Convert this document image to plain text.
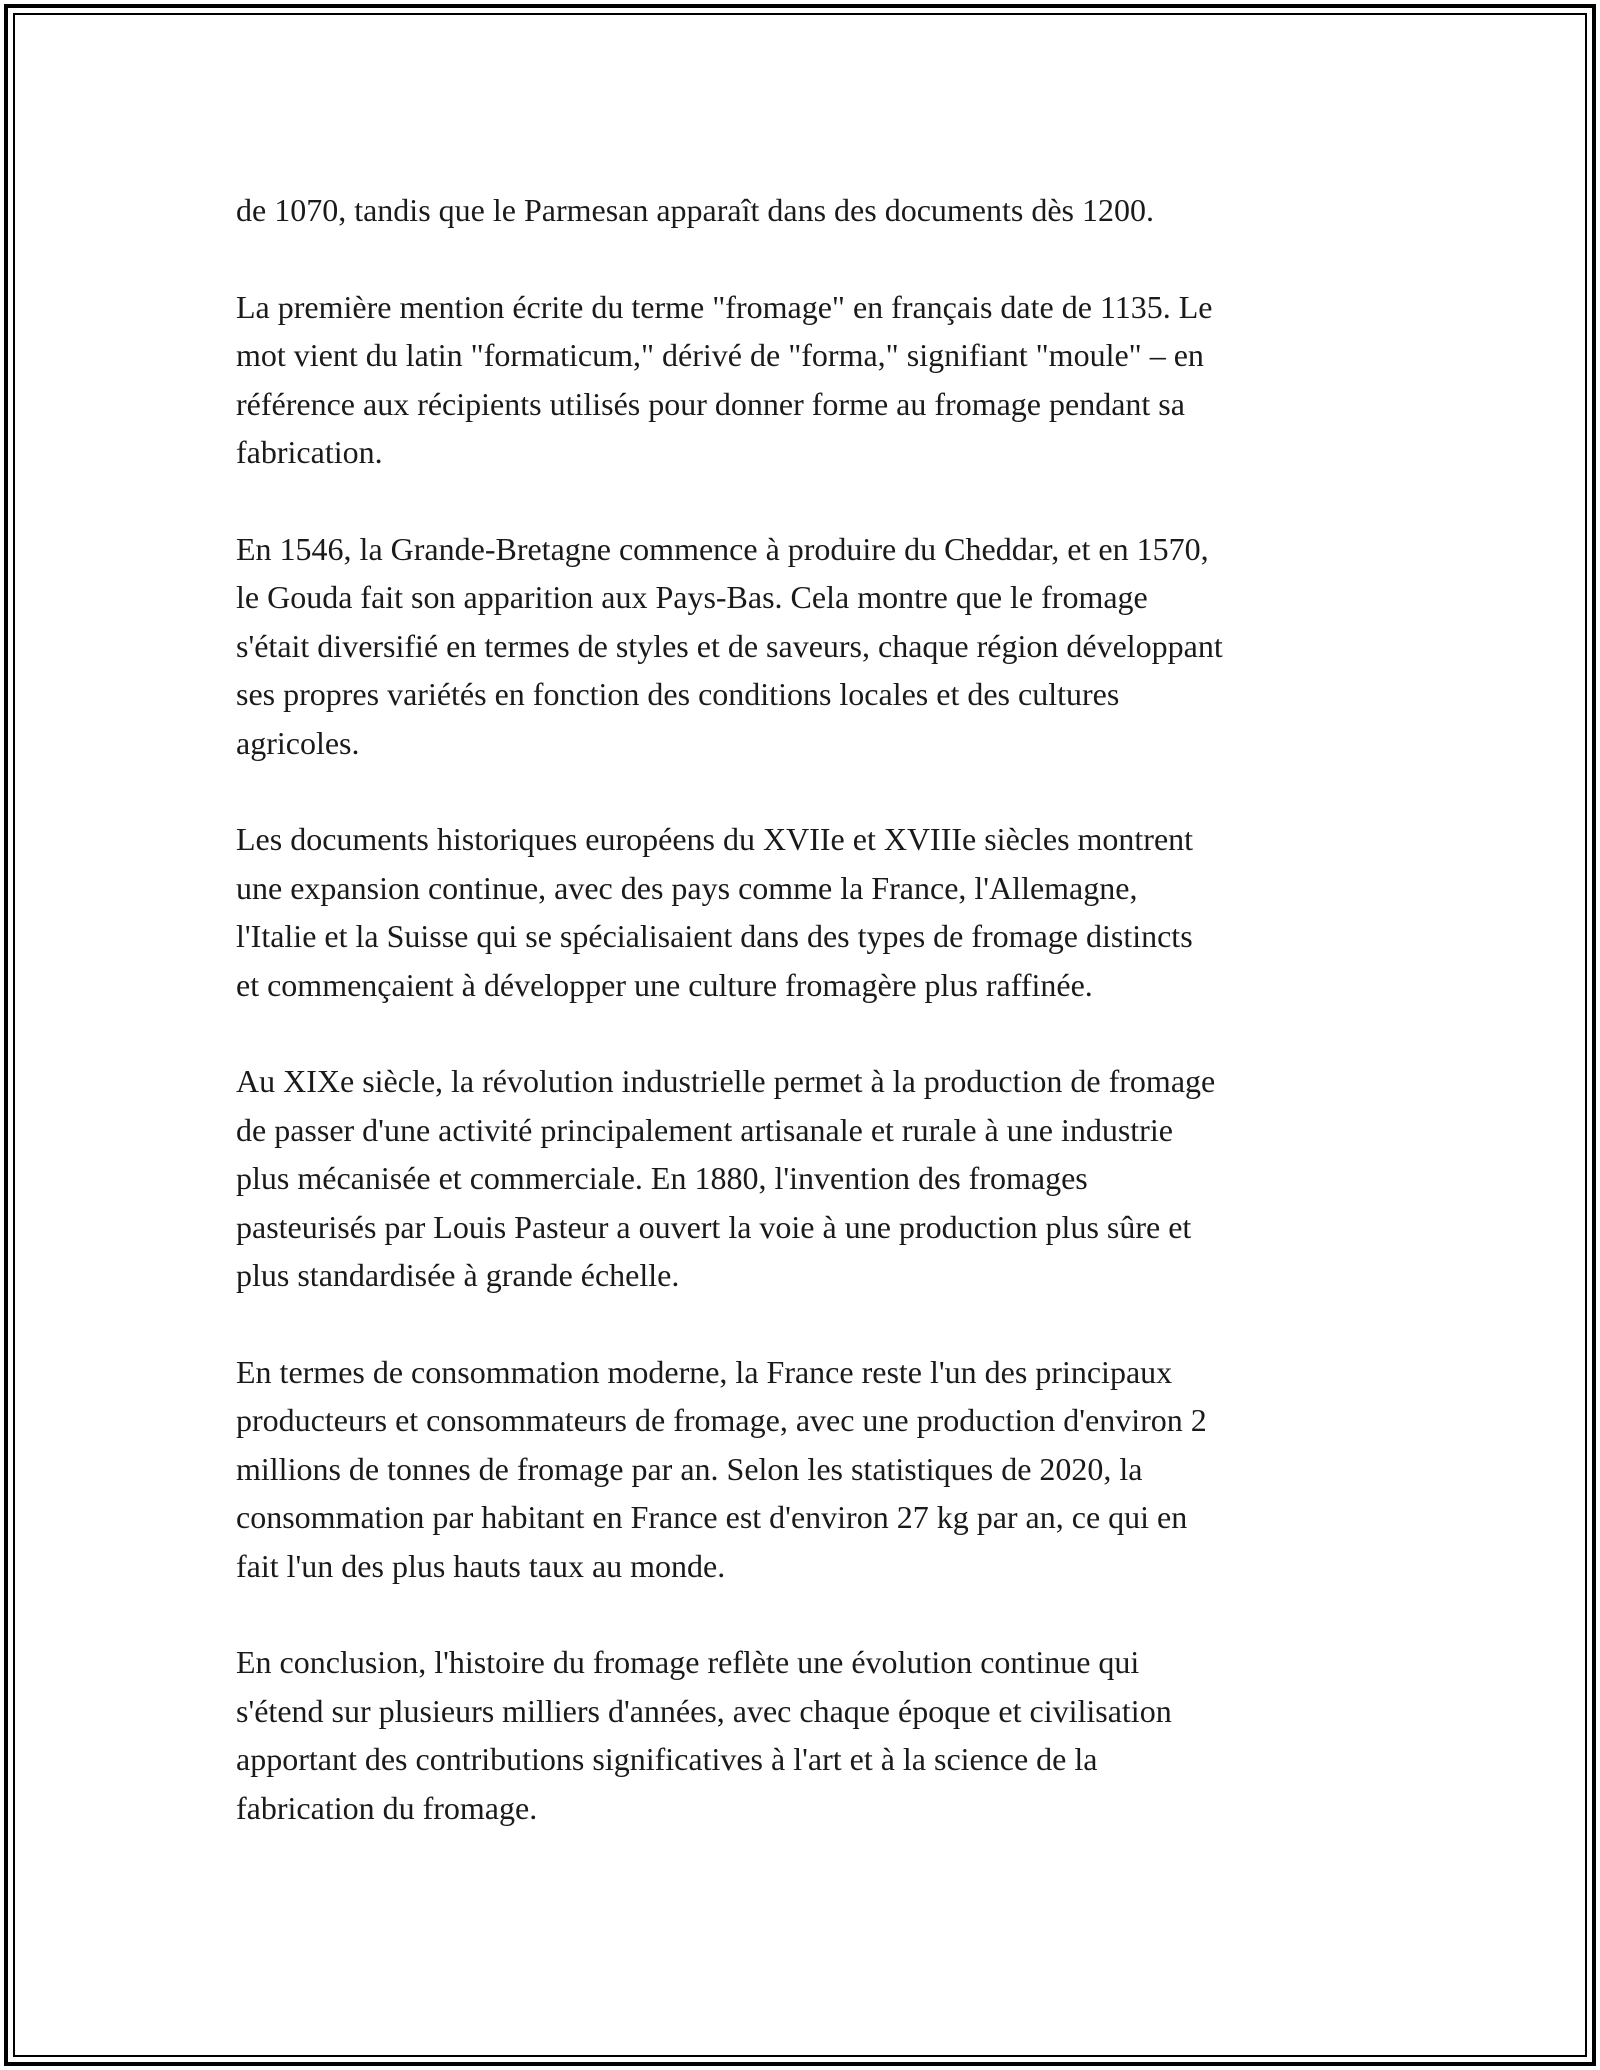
de 1070, tandis que le Parmesan apparaît dans des documents dès 1200.

La première mention écrite du terme "fromage" en français date de 1135. Le
mot vient du latin "formaticum," dérivé de "forma," signifiant "moule" – en
référence aux récipients utilisés pour donner forme au fromage pendant sa
fabrication.

En 1546, la Grande-Bretagne commence à produire du Cheddar, et en 1570,
le Gouda fait son apparition aux Pays-Bas. Cela montre que le fromage
s'était diversifié en termes de styles et de saveurs, chaque région développant
ses propres variétés en fonction des conditions locales et des cultures
agricoles.

Les documents historiques européens du XVIIe et XVIIIe siècles montrent
une expansion continue, avec des pays comme la France, l'Allemagne,
l'Italie et la Suisse qui se spécialisaient dans des types de fromage distincts
et commençaient à développer une culture fromagère plus raffinée.

Au XIXe siècle, la révolution industrielle permet à la production de fromage
de passer d'une activité principalement artisanale et rurale à une industrie
plus mécanisée et commerciale. En 1880, l'invention des fromages
pasteurisés par Louis Pasteur a ouvert la voie à une production plus sûre et
plus standardisée à grande échelle.

En termes de consommation moderne, la France reste l'un des principaux
producteurs et consommateurs de fromage, avec une production d'environ 2
millions de tonnes de fromage par an. Selon les statistiques de 2020, la
consommation par habitant en France est d'environ 27 kg par an, ce qui en
fait l'un des plus hauts taux au monde.

En conclusion, l'histoire du fromage reflète une évolution continue qui
s'étend sur plusieurs milliers d'années, avec chaque époque et civilisation
apportant des contributions significatives à l'art et à la science de la
fabrication du fromage.
